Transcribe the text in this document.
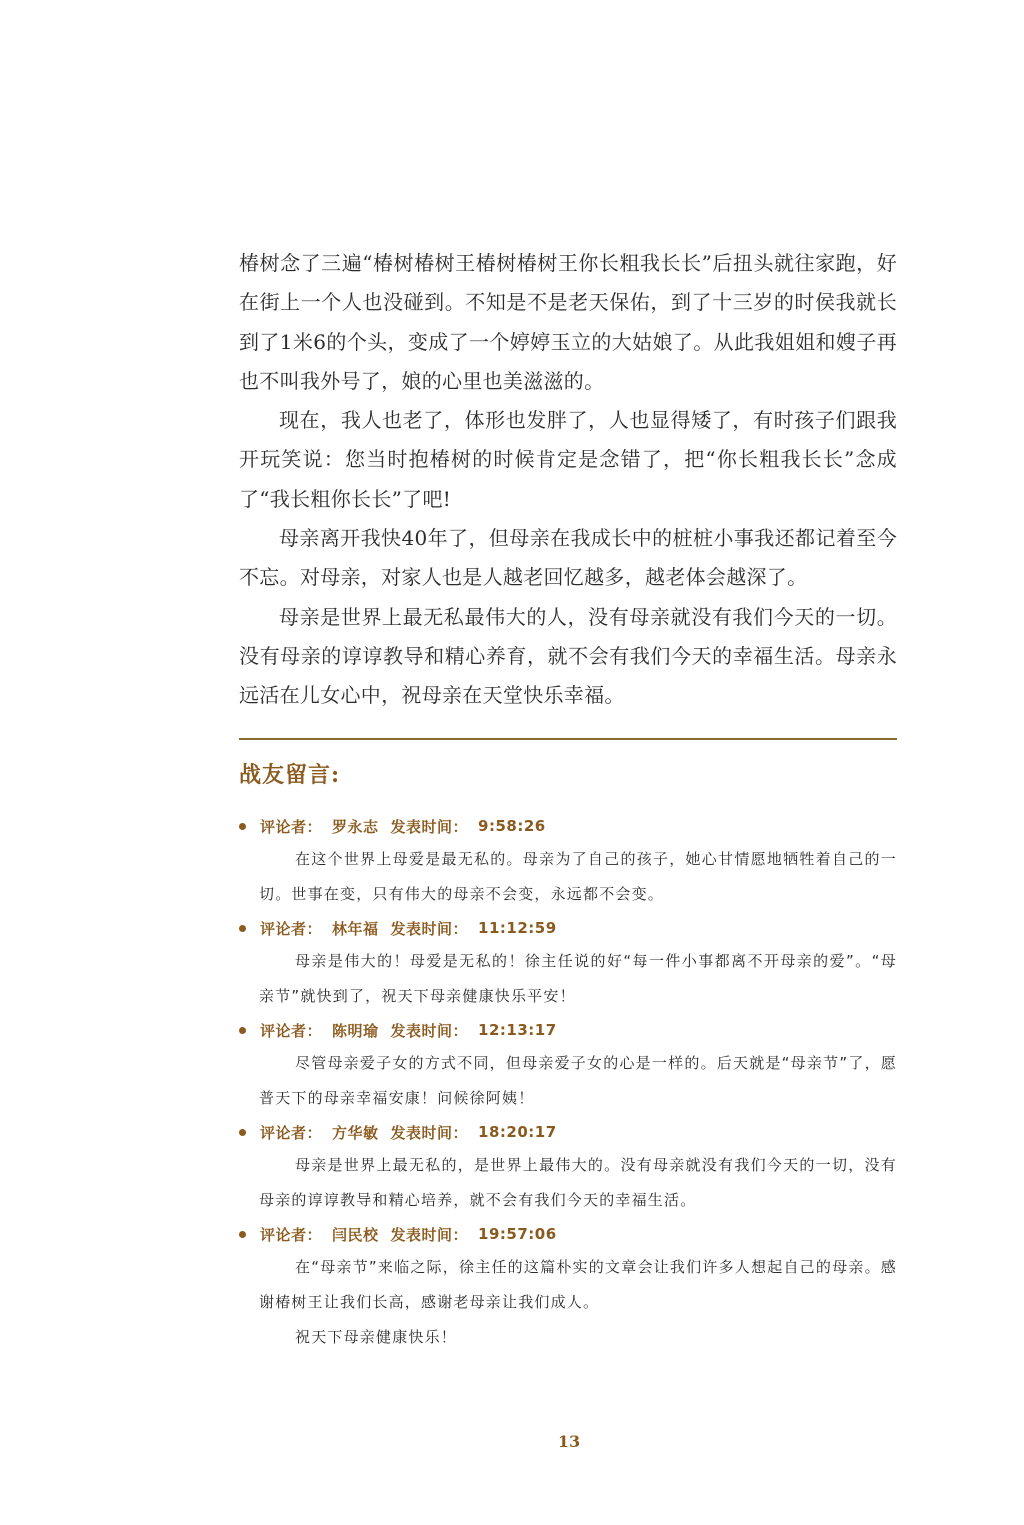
椿树念了三遍“椿树椿树王椿树椿树王你长粗我长长”后扭头就往家跑，好在街上一个人也没碰到。不知是不是老天保佑，到了十三岁的时侯我就长到了1米6的个头，变成了一个婷婷玉立的大姑娘了。从此我姐姐和嫂子再也不叫我外号了，娘的心里也美滋滋的。

现在，我人也老了，体形也发胖了，人也显得矮了，有时孩子们跟我开玩笑说：您当时抱椿树的时候肯定是念错了，把“你长粗我长长”念成了“我长粗你长长”了吧!

母亲离开我快40年了，但母亲在我成长中的桩桩小事我还都记着至今不忘。对母亲，对家人也是人越老回忆越多，越老体会越深了。

母亲是世界上最无私最伟大的人，没有母亲就没有我们今天的一切。没有母亲的谆谆教导和精心养育，就不会有我们今天的幸福生活。母亲永远活在儿女心中，祝母亲在天堂快乐幸福。

战友留言:
评论者： 罗永志 发表时间： 9:58:26

在这个世界上母爱是最无私的。母亲为了自己的孩子，她心甘情愿地牺牲着自己的一切。世事在变，只有伟大的母亲不会变，永远都不会变。

评论者： 林年福 发表时间： 11:12:59

母亲是伟大的！母爱是无私的！徐主任说的好“每一件小事都离不开母亲的爱”。“母亲节”就快到了，祝天下母亲健康快乐平安！

评论者： 陈明瑜 发表时间： 12:13:17

尽管母亲爱子女的方式不同，但母亲爱子女的心是一样的。后天就是“母亲节”了，愿普天下的母亲幸福安康！问候徐阿姨！

评论者： 方华敏 发表时间： 18:20:17

母亲是世界上最无私的，是世界上最伟大的。没有母亲就没有我们今天的一切，没有母亲的谆谆教导和精心培养，就不会有我们今天的幸福生活。

评论者： 闫民校 发表时间： 19:57:06

在“母亲节”来临之际，徐主任的这篇朴实的文章会让我们许多人想起自己的母亲。感谢椿树王让我们长高，感谢老母亲让我们成人。

祝天下母亲健康快乐！

13
